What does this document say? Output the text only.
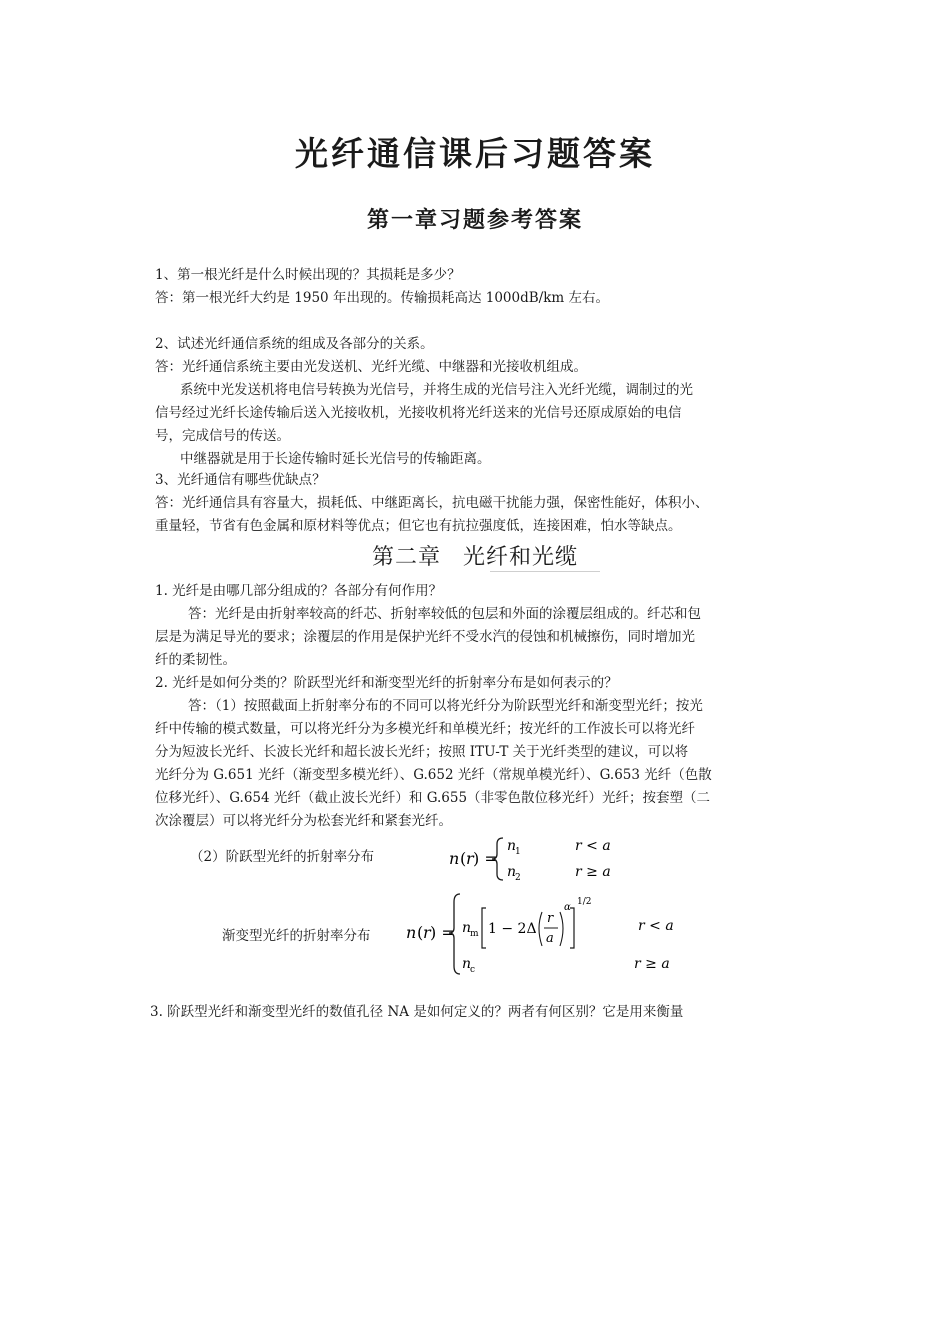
光纤通信课后习题答案
第一章习题参考答案
1、第一根光纤是什么时候出现的？其损耗是多少？
答：第一根光纤大约是 1950 年出现的。传输损耗高达 1000dB/km 左右。
2、试述光纤通信系统的组成及各部分的关系。
答：光纤通信系统主要由光发送机、光纤光缆、中继器和光接收机组成。
系统中光发送机将电信号转换为光信号，并将生成的光信号注入光纤光缆，调制过的光
信号经过光纤长途传输后送入光接收机，光接收机将光纤送来的光信号还原成原始的电信
号，完成信号的传送。
中继器就是用于长途传输时延长光信号的传输距离。
3、光纤通信有哪些优缺点？
答：光纤通信具有容量大，损耗低、中继距离长，抗电磁干扰能力强，保密性能好，体积小、
重量轻，节省有色金属和原材料等优点；但它也有抗拉强度低，连接困难，怕水等缺点。
第二章 光纤和光缆
1. 光纤是由哪几部分组成的？各部分有何作用？
答：光纤是由折射率较高的纤芯、折射率较低的包层和外面的涂覆层组成的。纤芯和包
层是为满足导光的要求；涂覆层的作用是保护光纤不受水汽的侵蚀和机械擦伤，同时增加光
纤的柔韧性。
2. 光纤是如何分类的？阶跃型光纤和渐变型光纤的折射率分布是如何表示的？
答：（1）按照截面上折射率分布的不同可以将光纤分为阶跃型光纤和渐变型光纤；按光
纤中传输的模式数量，可以将光纤分为多模光纤和单模光纤；按光纤的工作波长可以将光纤
分为短波长光纤、长波长光纤和超长波长光纤；按照 ITU-T 关于光纤类型的建议，可以将
光纤分为 G.651 光纤（渐变型多模光纤）、G.652 光纤（常规单模光纤）、G.653 光纤（色散
位移光纤）、G.654 光纤（截止波长光纤）和 G.655（非零色散位移光纤）光纤；按套塑（二
次涂覆层）可以将光纤分为松套光纤和紧套光纤。
（2）阶跃型光纤的折射率分布	n ( r ) =
n
1
n
2
r < a
r ≥ a
渐变型光纤的折射率分布 n ( r ) = n
m 1 − 2Δ
r
a
α 1/2
n
c
r < a
r ≥ a
3. 阶跃型光纤和渐变型光纤的数值孔径 NA 是如何定义的？两者有何区别？它是用来衡量
